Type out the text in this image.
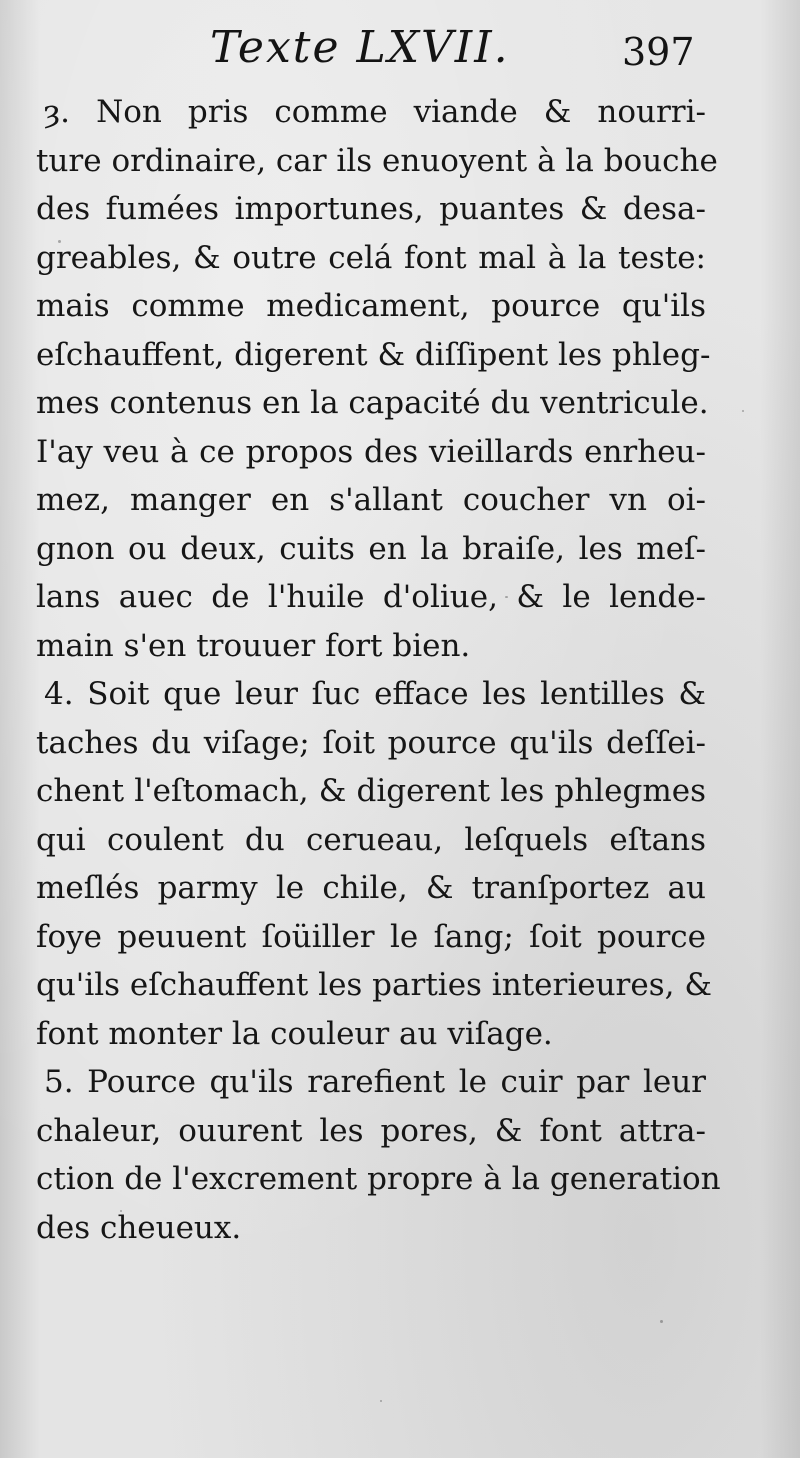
Texte LXVII.	397
ȝ. Non pris comme viande & nourri-
ture ordinaire, car ils enuoyent à la bouche
des fumées importunes, puantes & desa-
greables, & outre celá font mal à la teste:
mais comme medicament, pource qu'ils
eſchauffent, digerent & diſſipent les phleg-
mes contenus en la capacité du ventricule.
I'ay veu à ce propos des vieillards enrheu-
mez, manger en s'allant coucher vn oi-
gnon ou deux, cuits en la braiſe, les meſ-
lans auec de l'huile d'oliue, & le lende-
main s'en trouuer fort bien.
4. Soit que leur ſuc efface les lentilles &
taches du viſage; ſoit pource qu'ils deſſei-
chent l'eſtomach, & digerent les phlegmes
qui coulent du cerueau, leſquels eſtans
meſlés parmy le chile, & tranſportez au
foye peuuent ſoüiller le ſang; ſoit pource
qu'ils eſchauffent les parties interieures, &
font monter la couleur au viſage.
5. Pource qu'ils rarefient le cuir par leur
chaleur, ouurent les pores, & font attra-
ction de l'excrement propre à la generation
des cheueux.
